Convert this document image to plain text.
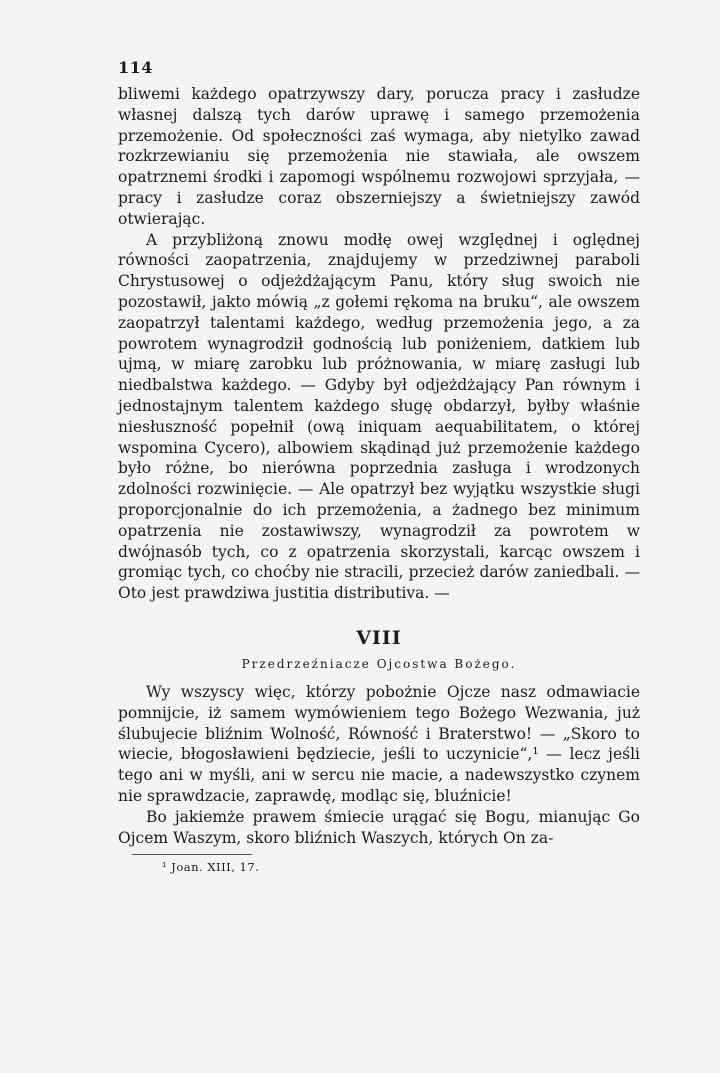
114

bliwemi każdego opatrzywszy dary, porucza pracy i zasłudze własnej dalszą tych darów uprawę i samego przemożenia przemożenie. Od społeczności zaś wymaga, aby nietylko zawad rozkrzewianiu się przemożenia nie stawiała, ale owszem opatrznemi środki i zapomogi wspólnemu rozwojowi sprzyjała, — pracy i zasłudze coraz obszerniejszy a świetniejszy zawód otwierając.

A przybliżoną znowu modłę owej względnej i oględnej równości zaopatrzenia, znajdujemy w przedziwnej paraboli Chrystusowej o odjeżdżającym Panu, który sług swoich nie pozostawił, jakto mówią „z gołemi rękoma na bruku“, ale owszem zaopatrzył talentami każdego, według przemożenia jego, a za powrotem wynagrodził godnością lub poniżeniem, datkiem lub ujmą, w miarę zarobku lub próżnowania, w miarę zasługi lub niedbalstwa każdego. — Gdyby był odjeżdżający Pan równym i jednostajnym talentem każdego sługę obdarzył, byłby właśnie niesłuszność popełnił (ową iniquam aequabilitatem, o której wspomina Cycero), albowiem skądinąd już przemożenie każdego było różne, bo nierówna poprzednia zasługa i wrodzonych zdolności rozwinięcie. — Ale opatrzył bez wyjątku wszystkie sługi proporcjonalnie do ich przemożenia, a żadnego bez minimum opatrzenia nie zostawiwszy, wynagrodził za powrotem w dwójnasób tych, co z opatrzenia skorzystali, karcąc owszem i gromiąc tych, co choćby nie stracili, przecież darów zaniedbali. — Oto jest prawdziwa justitia distributiva. —

VIII
Przedrzeźniacze Ojcostwa Bożego.

Wy wszyscy więc, którzy pobożnie Ojcze nasz odmawiacie pomnijcie, iż samem wymówieniem tego Bożego Wezwania, już ślubujecie bliźnim Wolność, Równość i Braterstwo! — „Skoro to wiecie, błogosławieni będziecie, jeśli to uczynicie“,¹ — lecz jeśli tego ani w myśli, ani w sercu nie macie, a nadewszystko czynem nie sprawdzacie, zaprawdę, modląc się, bluźnicie!

Bo jakiemże prawem śmiecie urągać się Bogu, mianując Go Ojcem Waszym, skoro bliźnich Waszych, których On za-

¹ Joan. XIII, 17.
